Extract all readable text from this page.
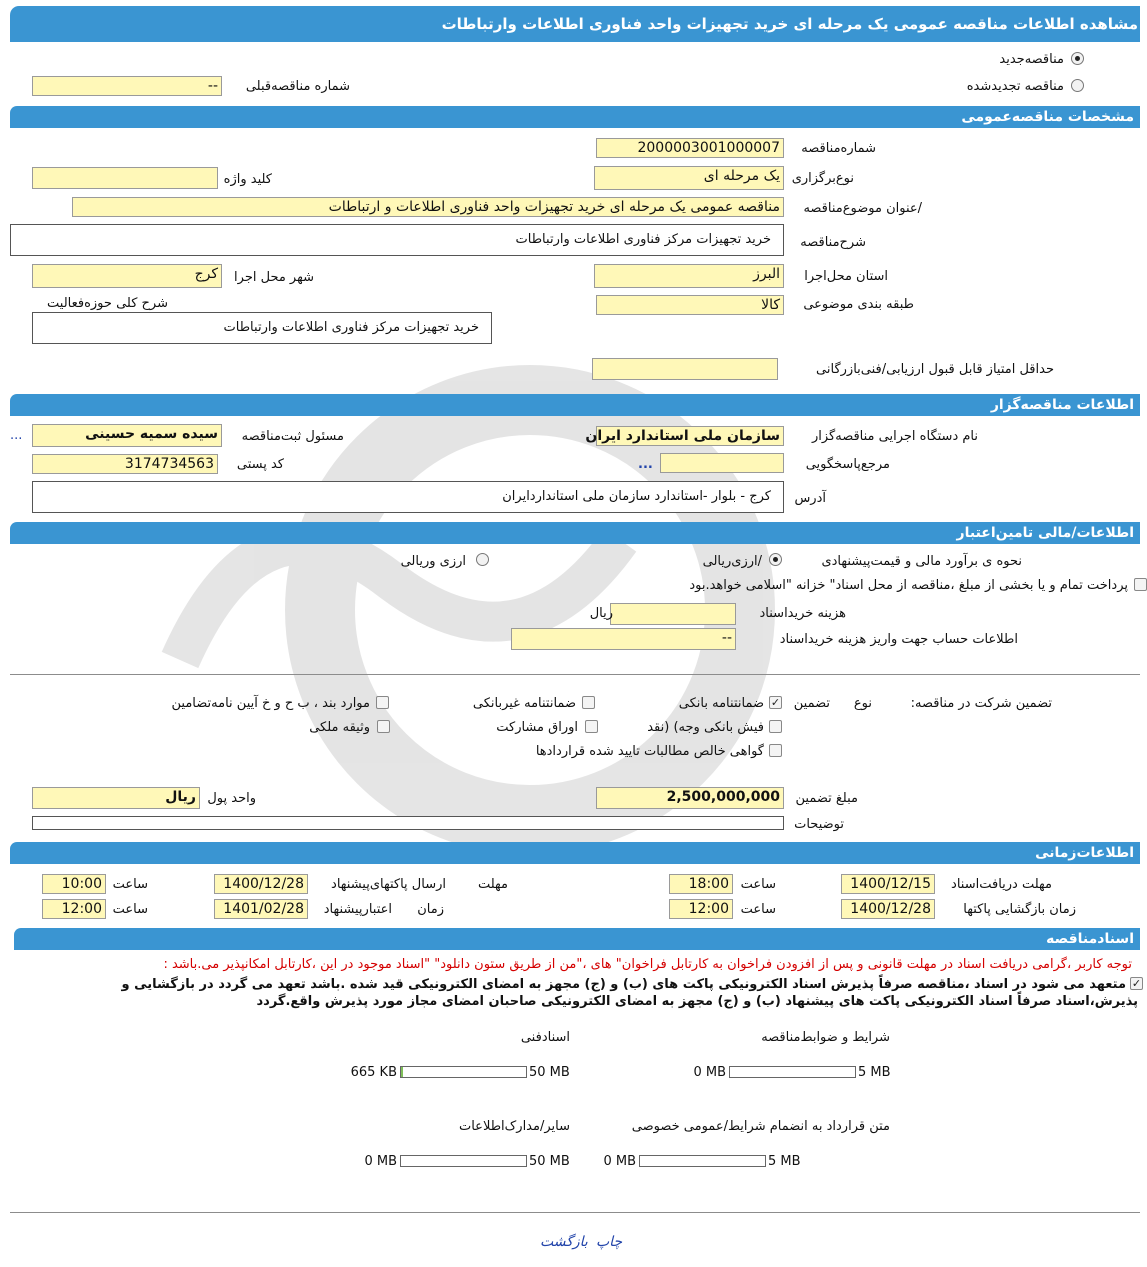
مشاهده اطلاعات مناقصه عمومی یک مرحله ای خرید تجهیزات واحد فناوری اطلاعات وارتباطات
مناقصه‌جدید
مناقصه تجدیدشده
شماره مناقصه‌قبلی
--
مشخصات مناقصه‌عمومی
شماره‌مناقصه
2000003001000007
نوع‌برگزاری
یک مرحله ای
کلید واژه
/عنوان موضوع‌مناقصه
مناقصه عمومی یک مرحله ای خرید تجهیزات واحد فناوری اطلاعات و ارتباطات
شرح‌مناقصه
خرید تجهیزات مرکز فناوری اطلاعات وارتباطات
استان محل‌اجرا
البرز
شهر محل اجرا
کرج
طبقه بندی موضوعی
کالا
شرح کلی حوزه‌فعالیت
خرید تجهیزات مرکز فناوری اطلاعات وارتباطات
حداقل امتیاز قابل قبول ارزیابی/فنی‌بازرگانی
اطلاعات مناقصه‌گزار
نام دستگاه اجرایی مناقصه‌گزار
سازمان ملی استاندارد ایران
مسئول ثبت‌مناقصه
سیده سمیه حسینی
...
مرجع‌پاسخگویی
...
کد پستی
3174734563
آدرس
کرج - بلوار -استاندارد سازمان ملی استانداردایران
اطلاعات/مالی تامین‌اعتبار
نحوه ی برآورد مالی و قیمت‌پیشنهادی
/ارزی‌ریالی
ارزی وریالی
پرداخت تمام و یا بخشی از مبلغ ،مناقصه از محل اسناد" خزانه "اسلامی خواهد.بود
هزینه خریداسناد
ریال
اطلاعات حساب جهت واریز هزینه خریداسناد
--
تضمین شرکت در مناقصه:
نوع
تضمین
✓
ضمانتنامه بانکی
ضمانتنامه غیربانکی
موارد بند ، ب ح و خ آیین نامه‌تضامین
فیش بانکی وجه) (نقد
اوراق مشارکت
وثیقه ملکی
گواهی خالص مطالبات تایید شده قراردادها
مبلغ تضمین
2,500,000,000
واحد پول
ریال
توضیحات
اطلاعات‌زمانی
مهلت دریافت‌اسناد
1400/12/15
ساعت
18:00
مهلت
ارسال پاکتهای‌پیشنهاد
1400/12/28
ساعت
10:00
زمان بازگشایی پاکتها
1400/12/28
ساعت
12:00
زمان
اعتبارپیشنهاد
1401/02/28
ساعت
12:00
اسنادمناقصه
توجه کاربر ،گرامی دریافت اسناد در مهلت قانونی و پس از افزودن فراخوان به کارتابل فراخوان" های ،"من از طریق ستون دانلود" "اسناد موجود در این ،کارتابل امکانپذیر می.باشد :
✓
متعهد می شود در اسناد ،مناقصه صرفاً پذیرش اسناد الکترونیکی پاکت های (ب) و (ج) مجهز به امضای الکترونیکی قید شده .باشد تعهد می گردد در بازگشایی و
پذیرش،اسناد صرفاً اسناد الکترونیکی پاکت های پیشنهاد (ب) و (ج) مجهز به امضای الکترونیکی صاحبان امضای مجاز مورد پذیرش واقع.گردد
شرایط و ضوابط‌مناقصه
5 MB
0 MB
اسنادفنی
50 MB
665 KB
متن قرارداد به انضمام شرایط/عمومی خصوصی
5 MB
0 MB
سایر/مدارک‌اطلاعات
50 MB
0 MB
چاپ
بازگشت
